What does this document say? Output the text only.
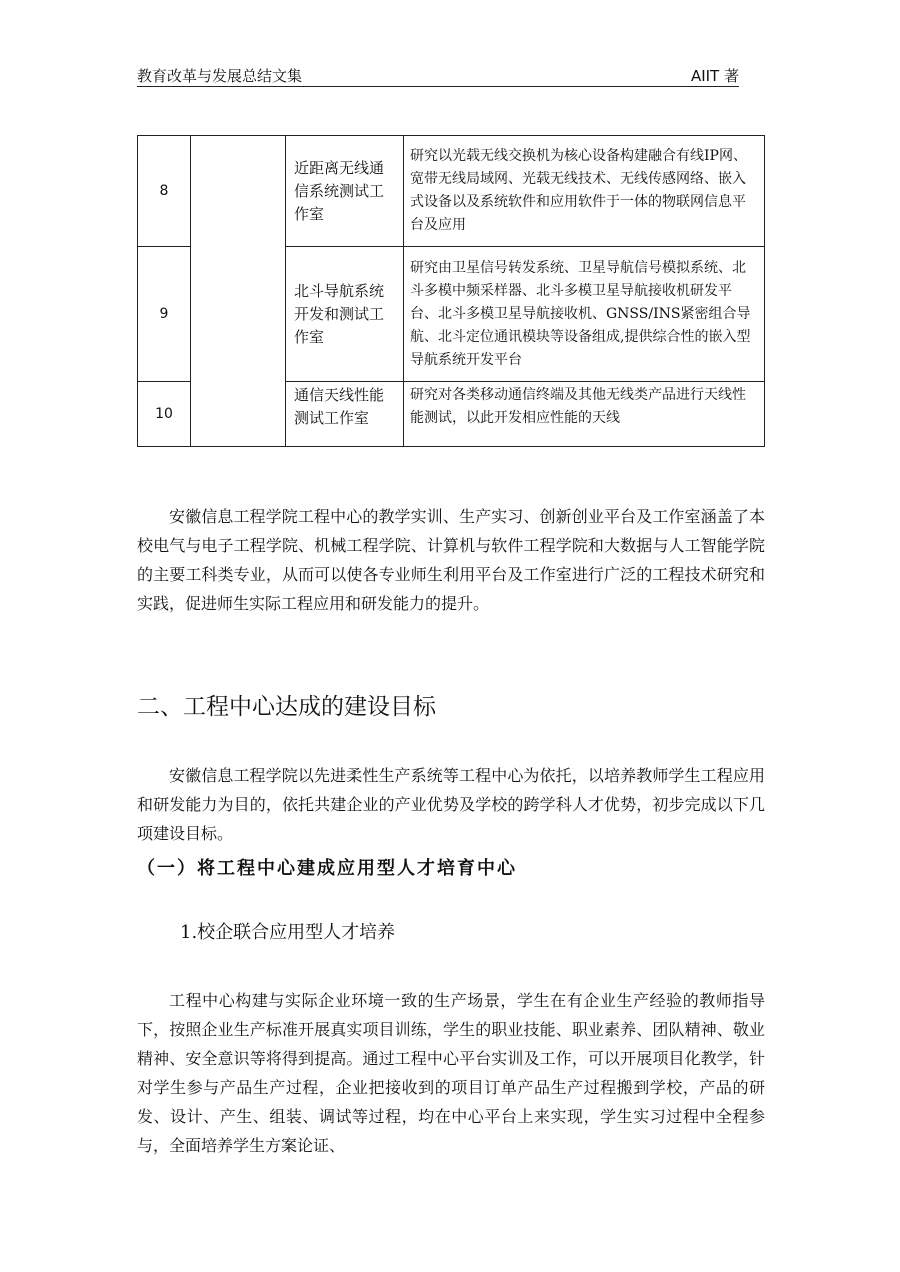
教育改革与发展总结文集	AIIT 著
8		近距离无线通信系统测试工作室	研究以光载无线交换机为核心设备构建融合有线IP网、宽带无线局域网、光载无线技术、无线传感网络、嵌入式设备以及系统软件和应用软件于一体的物联网信息平台及应用
9		北斗导航系统开发和测试工作室	研究由卫星信号转发系统、卫星导航信号模拟系统、北斗多模中频采样器、北斗多模卫星导航接收机研发平台、北斗多模卫星导航接收机、GNSS/INS紧密组合导航、北斗定位通讯模块等设备组成,提供综合性的嵌入型导航系统开发平台
10		通信天线性能测试工作室	研究对各类移动通信终端及其他无线类产品进行天线性能测试，以此开发相应性能的天线

安徽信息工程学院工程中心的教学实训、生产实习、创新创业平台及工作室涵盖了本校电气与电子工程学院、机械工程学院、计算机与软件工程学院和大数据与人工智能学院的主要工科类专业，从而可以使各专业师生利用平台及工作室进行广泛的工程技术研究和实践，促进师生实际工程应用和研发能力的提升。

二、工程中心达成的建设目标

安徽信息工程学院以先进柔性生产系统等工程中心为依托，以培养教师学生工程应用和研发能力为目的，依托共建企业的产业优势及学校的跨学科人才优势，初步完成以下几项建设目标。

（一）将工程中心建成应用型人才培育中心
1.校企联合应用型人才培养

工程中心构建与实际企业环境一致的生产场景，学生在有企业生产经验的教师指导下，按照企业生产标准开展真实项目训练，学生的职业技能、职业素养、团队精神、敬业精神、安全意识等将得到提高。通过工程中心平台实训及工作，可以开展项目化教学，针对学生参与产品生产过程，企业把接收到的项目订单产品生产过程搬到学校，产品的研发、设计、产生、组装、调试等过程，均在中心平台上来实现，学生实习过程中全程参与，全面培养学生方案论证、
